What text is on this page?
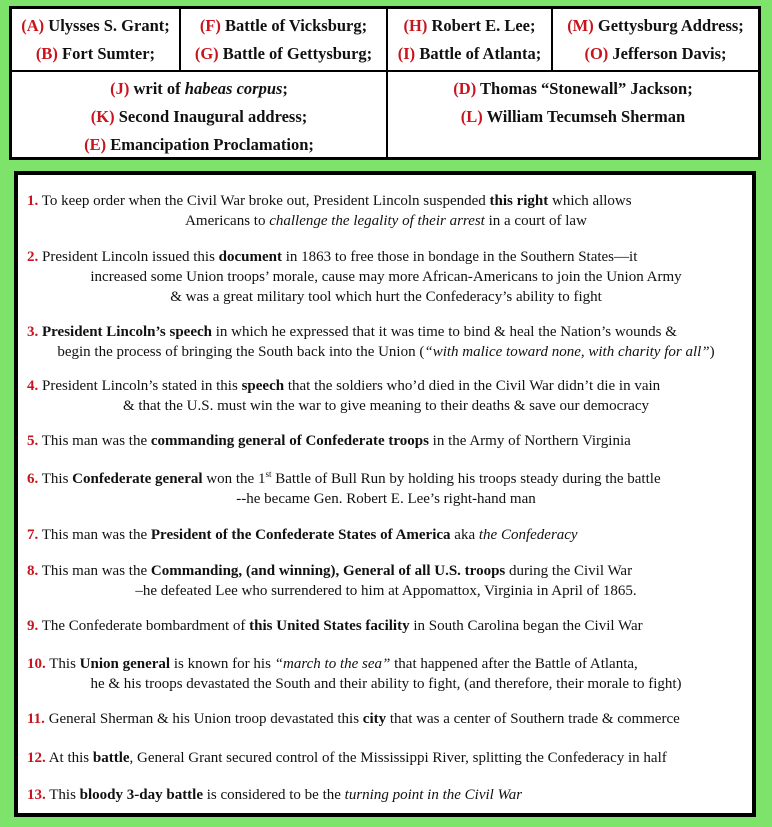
(A) Ulysses S. Grant;
(B) Fort Sumter;
(F) Battle of Vicksburg;
(G) Battle of Gettysburg;
(H) Robert E. Lee;
(I) Battle of Atlanta;
(M) Gettysburg Address;
(O) Jefferson Davis;
(J) writ of habeas corpus;
(K) Second Inaugural address;
(E) Emancipation Proclamation;
(D) Thomas “Stonewall” Jackson;
(L) William Tecumseh Sherman
1. To keep order when the Civil War broke out, President Lincoln suspended this right which allows
Americans to challenge the legality of their arrest in a court of law
2. President Lincoln issued this document in 1863 to free those in bondage in the Southern States—it
increased some Union troops’ morale, cause may more African-Americans to join the Union Army
& was a great military tool which hurt the Confederacy’s ability to fight
3. President Lincoln’s speech in which he expressed that it was time to bind & heal the Nation’s wounds &
begin the process of bringing the South back into the Union (“with malice toward none, with charity for all”)
4. President Lincoln’s stated in this speech that the soldiers who’d died in the Civil War didn’t die in vain
& that the U.S. must win the war to give meaning to their deaths & save our democracy
5. This man was the commanding general of Confederate troops in the Army of Northern Virginia
6. This Confederate general won the 1st Battle of Bull Run by holding his troops steady during the battle
--he became Gen. Robert E. Lee’s right-hand man
7. This man was the President of the Confederate States of America aka the Confederacy
8. This man was the Commanding, (and winning), General of all U.S. troops during the Civil War
–he defeated Lee who surrendered to him at Appomattox, Virginia in April of 1865.
9. The Confederate bombardment of this United States facility in South Carolina began the Civil War
10. This Union general is known for his “march to the sea” that happened after the Battle of Atlanta,
he & his troops devastated the South and their ability to fight, (and therefore, their morale to fight)
11. General Sherman & his Union troop devastated this city that was a center of Southern trade & commerce
12. At this battle, General Grant secured control of the Mississippi River, splitting the Confederacy in half
13. This bloody 3-day battle is considered to be the turning point in the Civil War
